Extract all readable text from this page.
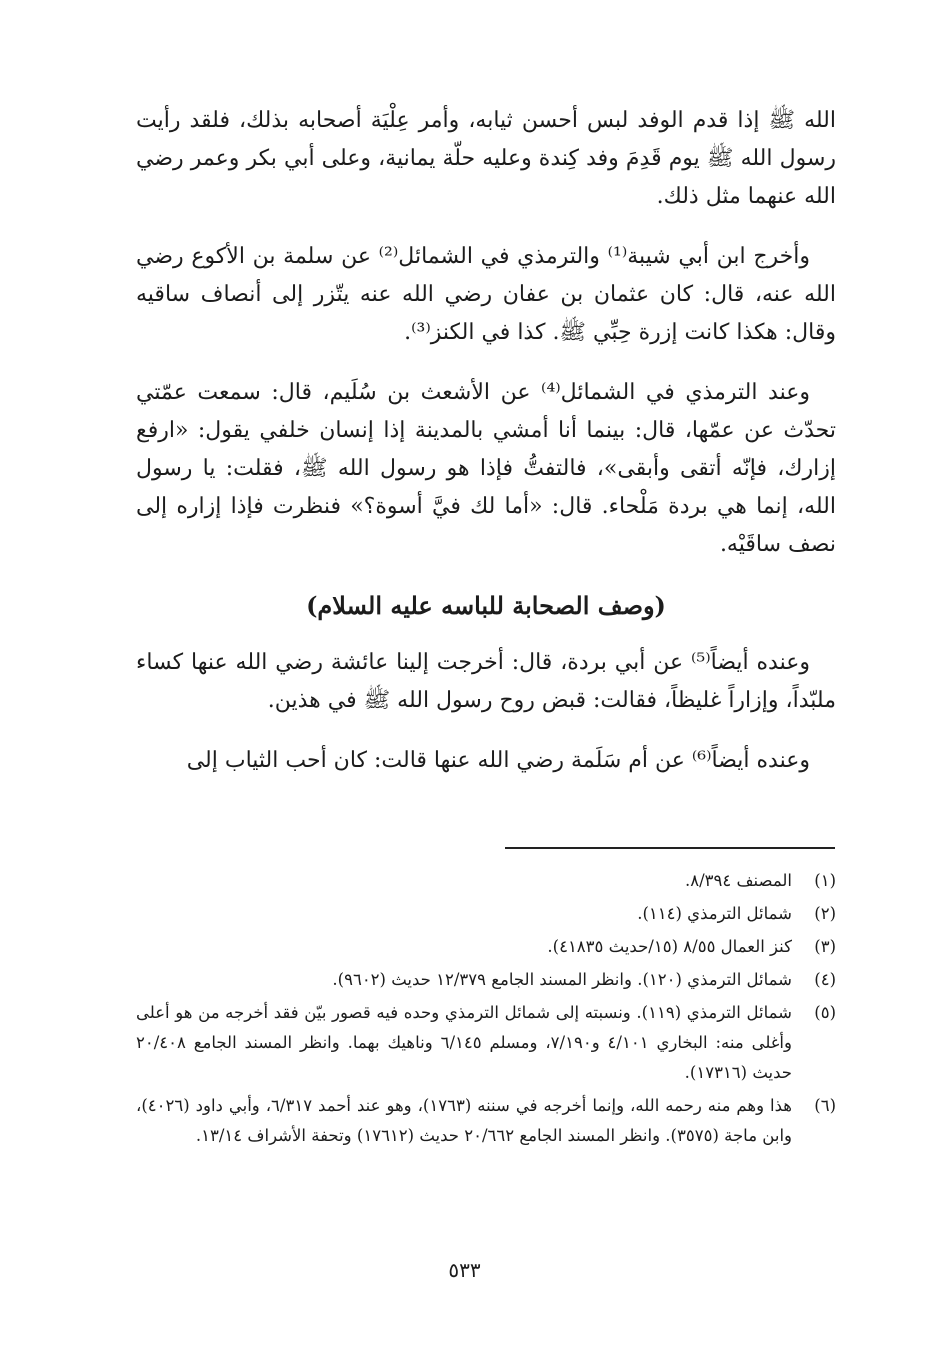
الله ﷺ إذا قدم الوفد لبس أحسن ثيابه، وأمر عِلْيَة أصحابه بذلك، فلقد رأيت رسول الله ﷺ يوم قَدِمَ وفد كِندة وعليه حلّة يمانية، وعلى أبي بكر وعمر رضي الله عنهما مثل ذلك.

وأخرج ابن أبي شيبة⁽¹⁾ والترمذي في الشمائل⁽²⁾ عن سلمة بن الأكوع رضي الله عنه، قال: كان عثمان بن عفان رضي الله عنه يتّزر إلى أنصاف ساقيه وقال: هكذا كانت إزرة حِبِّي ﷺ. كذا في الكنز⁽³⁾.

وعند الترمذي في الشمائل⁽⁴⁾ عن الأشعث بن سُلَيم، قال: سمعت عمّتي تحدّث عن عمّها، قال: بينما أنا أمشي بالمدينة إذا إنسان خلفي يقول: «ارفع إزارك، فإنّه أتقى وأبقى»، فالتفتُّ فإذا هو رسول الله ﷺ، فقلت: يا رسول الله، إنما هي بردة مَلْحاء. قال: «أما لك فيَّ أسوة؟» فنظرت فإذا إزاره إلى نصف ساقَيْه.

(وصف الصحابة للباسه عليه السلام)

وعنده أيضاً⁽⁵⁾ عن أبي بردة، قال: أخرجت إلينا عائشة رضي الله عنها كساء ملبّداً، وإزاراً غليظاً، فقالت: قبض روح رسول الله ﷺ في هذين.

وعنده أيضاً⁽⁶⁾ عن أم سَلَمة رضي الله عنها قالت: كان أحب الثياب إلى

(١)
المصنف ٨/٣٩٤.
(٢)
شمائل الترمذي (١١٤).
(٣)
كنز العمال ٨/٥٥ (١٥/حديث ٤١٨٣٥).
(٤)
شمائل الترمذي (١٢٠). وانظر المسند الجامع ١٢/٣٧٩ حديث (٩٦٠٢).
(٥)
شمائل الترمذي (١١٩). ونسبته إلى شمائل الترمذي وحده فيه قصور بيّن فقد أخرجه من هو أعلى وأغلى منه: البخاري ٤/١٠١ و٧/١٩٠، ومسلم ٦/١٤٥ وناهيك بهما. وانظر المسند الجامع ٢٠/٤٠٨ حديث (١٧٣١٦).
(٦)
هذا وهم منه رحمه الله، وإنما أخرجه في سننه (١٧٦٣)، وهو عند أحمد ٦/٣١٧، وأبي داود (٤٠٢٦)، وابن ماجة (٣٥٧٥). وانظر المسند الجامع ٢٠/٦٦٢ حديث (١٧٦١٢) وتحفة الأشراف ١٣/١٤.
٥٣٣
